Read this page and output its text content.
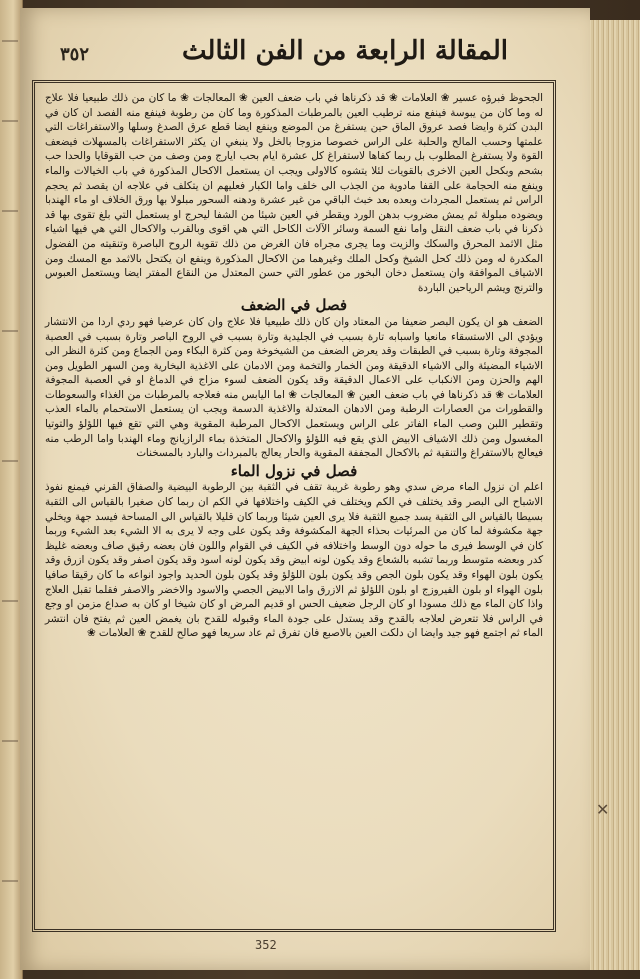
٣٥٢	المقالة الرابعة من الفن الثالث

الجحوظ فبرؤه عسير ❀ العلامات ❀ قد ذكرناها في باب ضعف العين ❀ المعالجات ❀ ما كان من ذلك طبيعيا فلا علاج له وما كان من يبوسة فينفع منه ترطيب العين بالمرطبات المذكورة وما كان من رطوبة فينفع منه الفصد ان كان في البدن كثرة وايضا فصد عروق الماق حين يستفرغ من الموضع وينفع ايضا قطع عرق الصدغ وسلها والاستفراغات التي علمتها وحسب المالح والحلبة على الراس خصوصا مزوجا بالخل ولا ينبغي ان يكثر الاستفراغات بالمسهلات فيضعف القوة ولا يستفرغ المطلوب بل ربما كفاها لاستفراغ كل عشرة ايام بحب ايارج ومن وصف من حب القوقايا والحدا حب بشحم وبكحل العين الاخرى بالقويات لئلا يتشوه كالاولى ويجب ان يستعمل الاكحال المذكورة في باب الخيالات والماء وينفع منه الحجامة على القفا مادوية من الجذب الى خلف واما الكبار فعليهم ان يتكلف في علاجه ان يقصد ثم يحجم الراس ثم يستعمل المجردات وبعده بعد خبث الباقي من غير عشرة ودهنه السحور مبلولا بها ورق الخلاف او ماء الهندبا ويضوده مبلولة ثم يمش مضروب بدهن الورد ويقطر في العين شيئا من الشفا ليحرج او يستعمل التي بلغ تقوى بها قد ذكرنا في باب ضعف النقل واما نفع السمة وسائر الآلات الكاحل التي هي اقوى وبالقرب والاكحال التي هي فيها اشياء مثل الاثمد المحرق والسكك والزيت وما يجرى مجراه فان الغرض من ذلك تقوية الروح الباصرة وتنقيته من الفضول المكدرة له ومن ذلك كحل الشيخ وكحل الملك وغيرهما من الاكحال المذكورة وينفع ان يكتحل بالاثمد مع المسك ومن الاشياف الموافقة وان يستعمل دخان البخور من عطور التي حسن المعتدل من النقاع المفتر ايضا ويستعمل العبوس والترنج ويشم الرياحين الباردة

فصل في الضعف

الضعف هو ان يكون البصر ضعيفا من المعتاد وان كان ذلك طبيعيا فلا علاج وان كان عرضيا فهو ردي اردا من الانتشار ويؤدي الى الاستسقاء مانعيا واسبابه تارة بسبب في الجليدية وتارة بسبب في الروح الباصر وتارة بسبب في العصبة المجوفة وتارة بسبب في الطبقات وقد يعرض الضعف من الشيخوخة ومن كثرة البكاء ومن الجماع ومن كثرة النظر الى الاشياء المضيئة والى الاشياء الدقيقة ومن الخمار والتخمة ومن الادمان على الاغذية البخارية ومن السهر الطويل ومن الهم والحزن ومن الانكباب على الاعمال الدقيقة وقد يكون الضعف لسوء مزاج في الدماغ او في العصبة المجوفة العلامات ❀ قد ذكرناها في باب ضعف العين ❀ المعالجات ❀ اما اليابس منه فعلاجه بالمرطبات من الغذاء والسعوطات والقطورات من العصارات الرطبة ومن الادهان المعتدلة والاغذية الدسمة ويجب ان يستعمل الاستحمام بالماء العذب وتقطير اللبن وصب الماء الفاتر على الراس ويستعمل الاكحال المرطبة المقوية وهي التي تقع فيها اللؤلؤ والتوتيا المغسول ومن ذلك الاشياف الابيض الذي يقع فيه اللؤلؤ والاكحال المتخذة بماء الرازيانج وماء الهندبا واما الرطب منه فيعالج بالاستفراغ والتنقية ثم بالاكحال المجففة المقوية والحار يعالج بالمبردات والبارد بالمسخنات

فصل في نزول الماء

اعلم ان نزول الماء مرض سدي وهو رطوبة غريبة تقف في الثقبة بين الرطوبة البيضية والصفاق القرني فيمنع نفوذ الاشباح الى البصر وقد يختلف في الكم ويختلف في الكيف واختلافها في الكم ان ربما كان صغيرا بالقياس الى الثقبة بسيطا بالقياس الى الثقبة يسد جميع الثقبة فلا يرى العين شيئا وربما كان قليلا بالقياس الى المساحة فيسد جهة ويخلي جهة مكشوفة لما كان من المرئيات بحذاء الجهة المكشوفة وقد يكون على وجه لا يرى به الا الشيء بعد الشيء وربما كان في الوسط فيرى ما حوله دون الوسط واختلافه في الكيف في القوام واللون فان بعضه رقيق صاف وبعضه غليظ كدر وبعضه متوسط وربما تشبه بالشعاع وقد يكون لونه ابيض وقد يكون لونه اسود وقد يكون اصفر وقد يكون ازرق وقد يكون بلون الهواء وقد يكون بلون الجص وقد يكون بلون اللؤلؤ وقد يكون بلون الحديد واجود انواعه ما كان رقيقا صافيا بلون الهواء او بلون الفيروزج او بلون اللؤلؤ ثم الازرق واما الابيض الجصي والاسود والاخضر والاصفر فقلما تقبل العلاج واذا كان الماء مع ذلك مسودا او كان الرجل ضعيف الحس او قديم المرض او كان شيخا او كان به صداع مزمن او وجع في الراس فلا تتعرض لعلاجه بالقدح وقد يستدل على جودة الماء وقبوله للقدح بان يغمض العين ثم يفتح فان انتشر الماء ثم اجتمع فهو جيد وايضا ان دلكت العين بالاصبع فان تفرق ثم عاد سريعا فهو صالح للقدح ❀ العلامات ❀

352
✕
